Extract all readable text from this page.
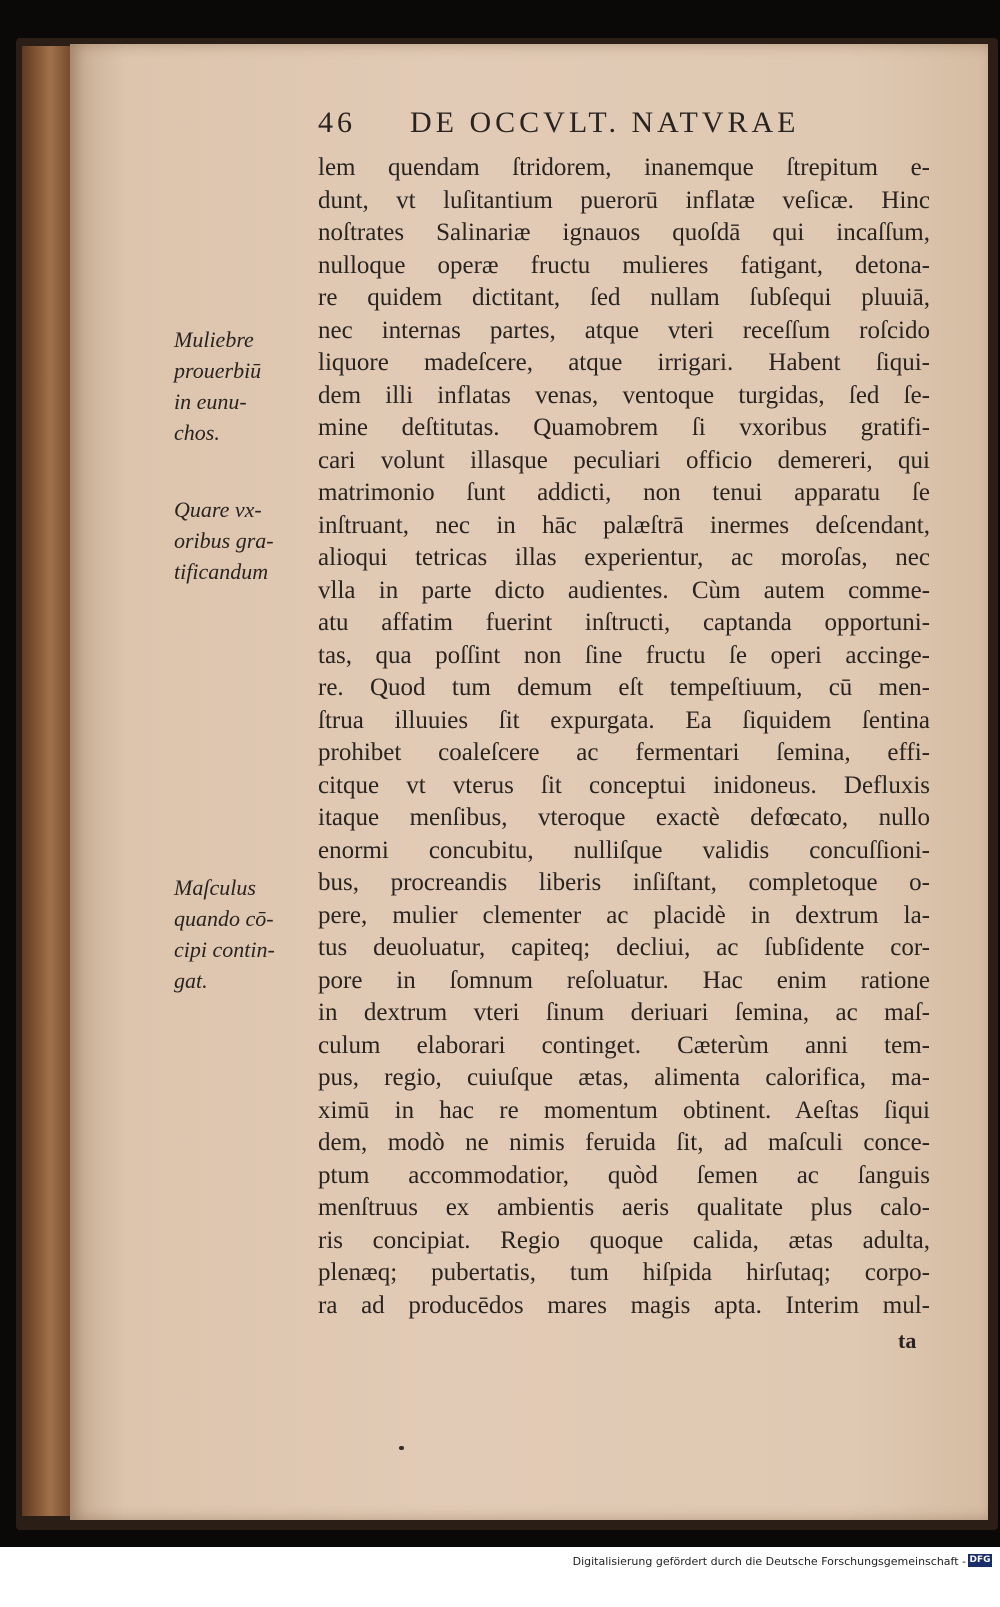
46 DE OCCVLT. NATVRAE
lem quendam ſtridorem, inanemque ſtrepitum e-
dunt, vt luſitantium puerorū inflatæ veſicæ. Hinc
noſtrates Salinariæ ignauos quoſdā qui incaſſum,
nulloque operæ fructu mulieres fatigant, detona-
re quidem dictitant, ſed nullam ſubſequi pluuiā,
nec internas partes, atque vteri receſſum roſcido
liquore madeſcere, atque irrigari. Habent ſiqui-
dem illi inflatas venas, ventoque turgidas, ſed ſe-
mine deſtitutas. Quamobrem ſi vxoribus gratifi-
cari volunt illasque peculiari officio demereri, qui
matrimonio ſunt addicti, non tenui apparatu ſe
inſtruant, nec in hāc palæſtrā inermes deſcendant,
alioqui tetricas illas experientur, ac moroſas, nec
vlla in parte dicto audientes. Cùm autem comme-
atu affatim fuerint inſtructi, captanda opportuni-
tas, qua poſſint non ſine fructu ſe operi accinge-
re. Quod tum demum eſt tempeſtiuum, cū men-
ſtrua illuuies ſit expurgata. Ea ſiquidem ſentina
prohibet coaleſcere ac fermentari ſemina, effi-
citque vt vterus ſit conceptui inidoneus. Defluxis
itaque menſibus, vteroque exactè defœcato, nullo
enormi concubitu, nulliſque validis concuſſioni-
bus, procreandis liberis inſiſtant, completoque o-
pere, mulier clementer ac placidè in dextrum la-
tus deuoluatur, capiteq; decliui, ac ſubſidente cor-
pore in ſomnum reſoluatur. Hac enim ratione
in dextrum vteri ſinum deriuari ſemina, ac maſ-
culum elaborari continget. Cæterùm anni tem-
pus, regio, cuiuſque ætas, alimenta calorifica, ma-
ximū in hac re momentum obtinent. Aeſtas ſiqui
dem, modò ne nimis feruida ſit, ad maſculi conce-
ptum accommodatior, quòd ſemen ac ſanguis
menſtruus ex ambientis aeris qualitate plus calo-
ris concipiat. Regio quoque calida, ætas adulta,
plenæq; pubertatis, tum hiſpida hirſutaq; corpo-
ra ad producēdos mares magis apta. Interim mul-
ta
Muliebre
prouerbiū
in eunu-
chos.
Quare vx-
oribus gra-
tificandum
Maſculus
quando cō-
cipi contin-
gat.
Digitalisierung gefördert durch die Deutsche Forschungsgemeinschaft - DFG
